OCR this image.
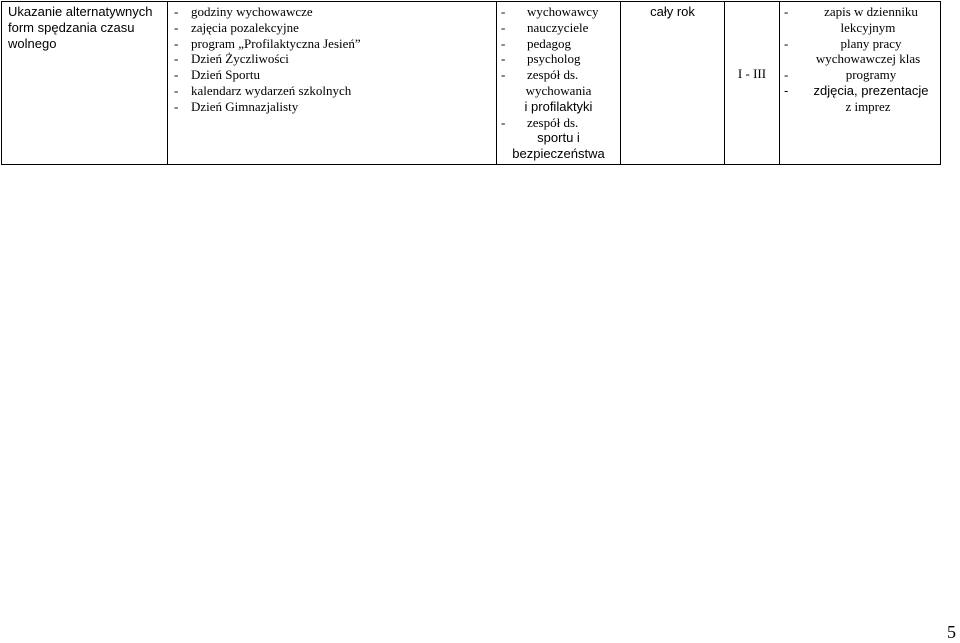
Ukazanie alternatywnych
form spędzania czasu
wolnego

- godziny wychowawcze
- zajęcia pozalekcyjne
- program „Profilaktyczna Jesień”
- Dzień Życzliwości
- Dzień Sportu
- kalendarz wydarzeń szkolnych
- Dzień Gimnazjalisty

-	wychowawcy
-	nauczyciele
-	pedagog
-	psycholog
-	zespół ds.
wychowania
i profilaktyki
-	zespół ds.
sportu i
bezpieczeństwa

cały rok

I - III

-	zapis w dzienniku
lekcyjnym
-	plany pracy
wychowawczej klas
-	programy
-	zdjęcia, prezentacje
z imprez
5
